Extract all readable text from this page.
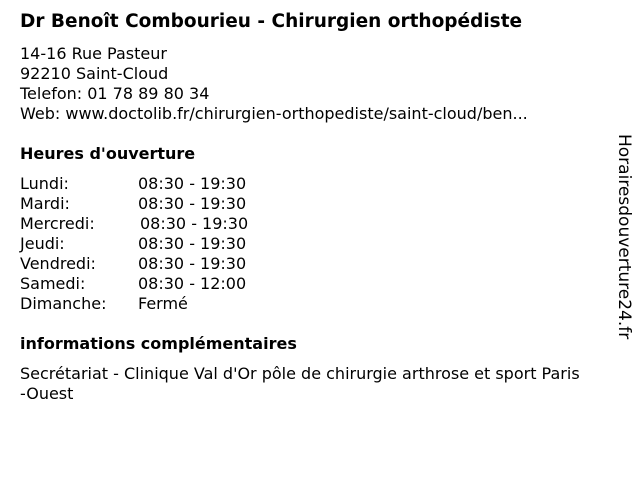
Dr Benoît Combourieu - Chirurgien orthopédiste
14-16 Rue Pasteur
92210 Saint-Cloud
Telefon: 01 78 89 80 34
Web: www.doctolib.fr/chirurgien-orthopediste/saint-cloud/ben...
Heures d'ouverture
Lundi:	08:30 - 19:30
Mardi:	08:30 - 19:30
Mercredi:	08:30 - 19:30
Jeudi:	08:30 - 19:30
Vendredi:	08:30 - 19:30
Samedi:	08:30 - 12:00
Dimanche: Fermé
informations complémentaires
Secrétariat - Clinique Val d'Or pôle de chirurgie arthrose et sport Paris-Ouest
Horairesdouverture24.fr
